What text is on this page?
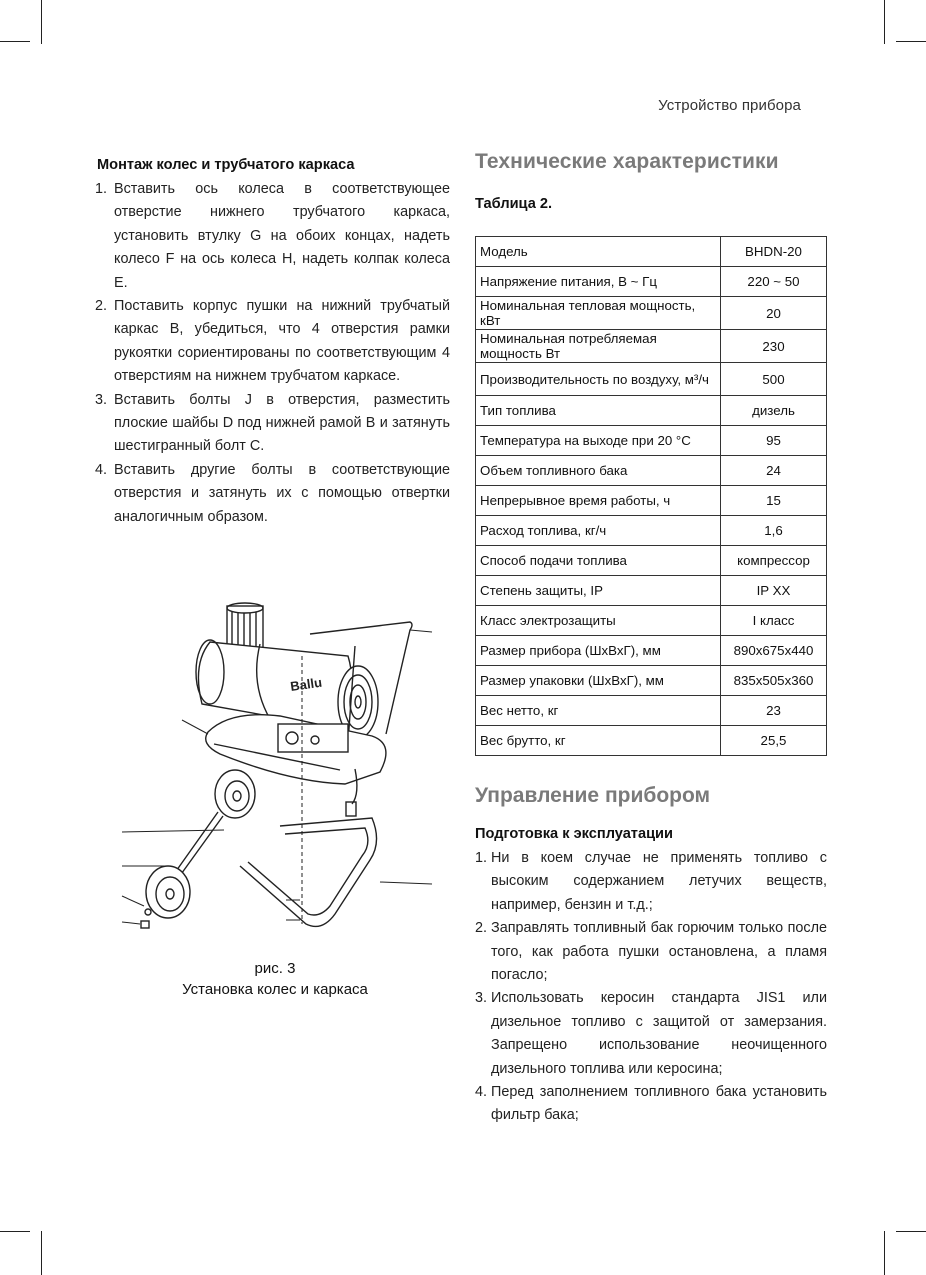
Устройство прибора
Монтаж колес и трубчатого каркаса
1. Вставить ось колеса в соответствующее отверстие нижнего трубчатого каркаса, установить втулку G на обоих концах, надеть колесо F на ось колеса H, надеть колпак колеса E.
2. Поставить корпус пушки на нижний трубчатый каркас B, убедиться, что 4 отверстия рамки рукоятки сориентированы по соответствующим 4 отверстиям на нижнем трубчатом каркасе.
3. Вставить болты J в отверстия, разместить плоские шайбы D под нижней рамой B и затянуть шестигранный болт C.
4. Вставить другие болты в соответствующие отверстия и затянуть их с помощью отвертки аналогичным образом.
Ballu
рис. 3
Установка колес и каркаса
Технические характеристики

Таблица 2.

Модель	BHDN-20
Напряжение питания, В ~ Гц	220 ~ 50
Номинальная тепловая мощность, кВт	20
Номинальная потребляемая мощность Вт	230
Производительность по воздуху, м³/ч	500
Тип топлива	дизель
Температура на выходе при 20 °C	95
Объем топливного бака	24
Непрерывное время работы, ч	15
Расход топлива, кг/ч	1,6
Способ подачи топлива	компрессор
Степень защиты, IP	IP XX
Класс электрозащиты	I класс
Размер прибора (ШхВхГ), мм	890x675x440
Размер упаковки (ШхВхГ), мм	835x505x360
Вес нетто, кг	23
Вес брутто, кг	25,5
Управление прибором
Подготовка к эксплуатации
1. Ни в коем случае не применять топливо с высоким содержанием летучих веществ, например, бензин и т.д.;
2. Заправлять топливный бак горючим только после того, как работа пушки остановлена, а пламя погасло;
3. Использовать керосин стандарта JIS1 или дизельное топливо с защитой от замерзания. Запрещено использование неочищенного дизельного топлива или керосина;
4. Перед заполнением топливного бака установить фильтр бака;
